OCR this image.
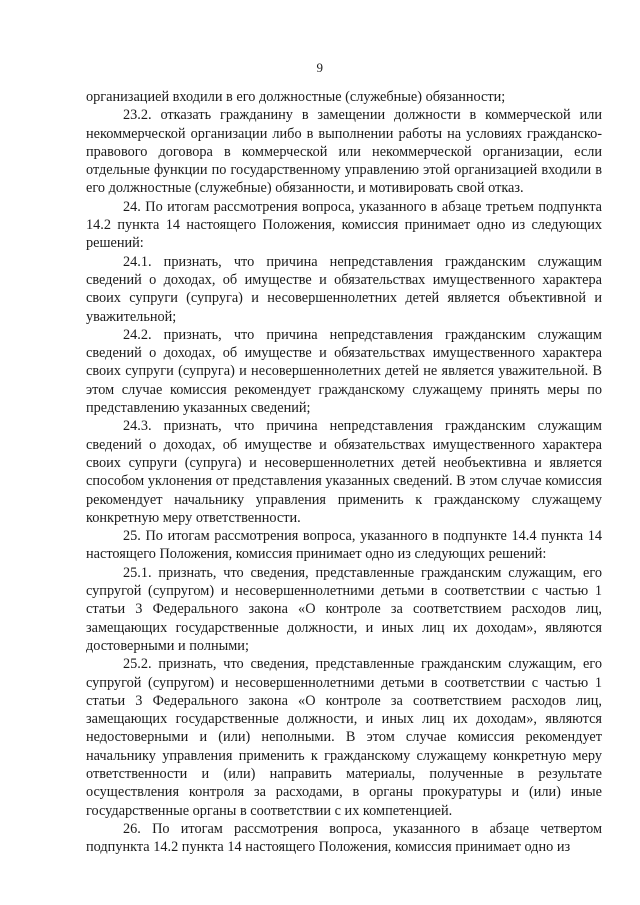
9

организацией входили в его должностные (служебные) обязанности;

23.2. отказать гражданину в замещении должности в коммерческой или некоммерческой организации либо в выполнении работы на условиях гражданско-правового договора в коммерческой или некоммерческой организации, если отдельные функции по государственному управлению этой организацией входили в его должностные (служебные) обязанности, и мотивировать свой отказ.

24. По итогам рассмотрения вопроса, указанного в абзаце третьем подпункта 14.2 пункта 14 настоящего Положения, комиссия принимает одно из следующих решений:

24.1. признать, что причина непредставления гражданским служащим сведений о доходах, об имуществе и обязательствах имущественного характера своих супруги (супруга) и несовершеннолетних детей является объективной и уважительной;

24.2. признать, что причина непредставления гражданским служащим сведений о доходах, об имуществе и обязательствах имущественного характера своих супруги (супруга) и несовершеннолетних детей не является уважительной. В этом случае комиссия рекомендует гражданскому служащему принять меры по представлению указанных сведений;

24.3. признать, что причина непредставления гражданским служащим сведений о доходах, об имуществе и обязательствах имущественного характера своих супруги (супруга) и несовершеннолетних детей необъективна и является способом уклонения от представления указанных сведений. В этом случае комиссия рекомендует начальнику управления применить к гражданскому служащему конкретную меру ответственности.

25. По итогам рассмотрения вопроса, указанного в подпункте 14.4 пункта 14 настоящего Положения, комиссия принимает одно из следующих решений:

25.1. признать, что сведения, представленные гражданским служащим, его супругой (супругом) и несовершеннолетними детьми в соответствии с частью 1 статьи 3 Федерального закона «О контроле за соответствием расходов лиц, замещающих государственные должности, и иных лиц их доходам», являются достоверными и полными;

25.2. признать, что сведения, представленные гражданским служащим, его супругой (супругом) и несовершеннолетними детьми в соответствии с частью 1 статьи 3 Федерального закона «О контроле за соответствием расходов лиц, замещающих государственные должности, и иных лиц их доходам», являются недостоверными и (или) неполными. В этом случае комиссия рекомендует начальнику управления применить к гражданскому служащему конкретную меру ответственности и (или) направить материалы, полученные в результате осуществления контроля за расходами, в органы прокуратуры и (или) иные государственные органы в соответствии с их компетенцией.

26. По итогам рассмотрения вопроса, указанного в абзаце четвертом подпункта 14.2 пункта 14 настоящего Положения, комиссия принимает одно из
